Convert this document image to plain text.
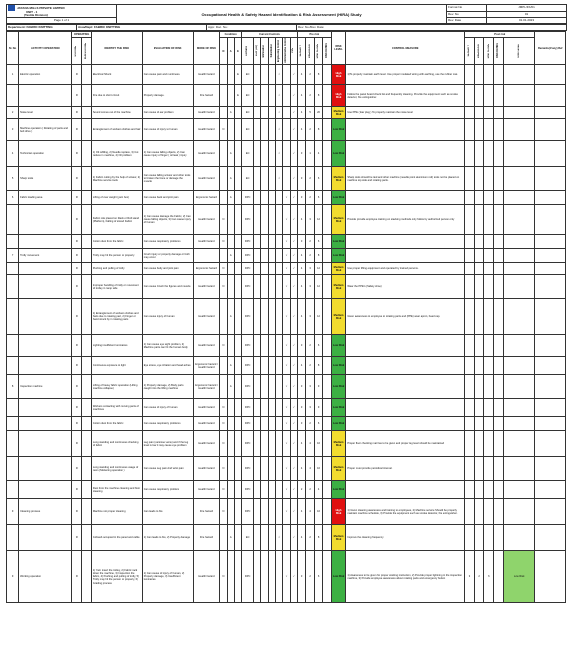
JAYANA MILLS PRIVATE LIMITED
UNIT - 1
(Textile Division)	Occupational Health & Safety Hazard Identification & Risk Assessment (HIRA) Study	Format No	JMPL/FK/01
		Rev. No	01
Page 1 of 1		Rev. Date	01.01.2023
Department: FABRIC KNITTING	Area/Dept: FABRIC KNITTING	Appr. Doc. No.:	Rev. No./Rev. Date:
Sl. No	ACTIVITY/ OPERATION	OPERATING		IDENTIFY THE RISK	EVALUATION OF RISK	MODE OF RISK	Condition			Current Controls							Pre risk				RISK LEVEL	CONTROL MEASURE	Post risk					Remarks(if any) Ref
		ROUTINE	NON ROUTINE				N	A	E	Remarks	LGW (ZIP)	Elimination	Substitution	Engineering Control	Administrative Control	PPE	SEVERITY	LIKELIHOOD	RISK SCORE	RISK RATING			SEVERITY	LIKELIHOOD	RISK SCORE	RISK RATING	RISK LEVEL	
1	Electric operation	R		Electrical Shock	Can cause pain and numbness.	Health hazard			E	EC				√		√	4	2	8		High Risk	1)To properly maintain earth level. Use proper insulated wiring with earthing, use the rubber mat.						
		R		Fire due to short circuit	Property damage.	Fire hazard			E	EC				√		√	4	2	8		High Risk	Follow the panel board check list and frequently cleaning. Provide the equipment such as smoke detector, fire extinguisher.						
2	Noise level	R		Sound comes out of the machine	Can cause of ear problem	Health hazard		A		EC				√		√	4	5	20		Medium Risk	Use PPE ( Ear plug ) To properly maintain the noise level						
3	Machine operation ( Rotating of parts and belt drive )	R		Entanglement of workers clothes and hair	Can cause of injury to human	Health hazard	N			EC				√		√	4	2	8		Low Risk							
4	Technician operation	R		1) Oil refilling, 2) Needle replace, 3) Cut reduce in machine, 4) Oil problem	1) Can cause falling objects, 2) Can cause injury of finger ( oil leak ) injury	Health hazard		A		EC				√		√	3	1	4		Low Risk							
5	Sharp tools	R		1) Fabric cutting by the help of scissor, 2) Machine service tools	Can cause falling scissor and other tools to broken the bone or damage the muscle	Health hazard		A		EC				√		√	3	2	6		Medium Risk	Sharp tools should be tied and other machine (needle point aluminium rod) tools not be placed on machine top side and rotating parts.						
6	Fabric loading area	R		Lifting of over weight (yarn box)	Can cause back and joint pain	Ergonomic hazard		A		DPC					√	√	3	2	6		Low Risk							
		R		Fabric role placed on Rack or Roll stand (Platform), Falling of stored Fabric	1) Can cause damage the Fabric, 2) Can cause falling objects, 3) Can cause injury of human	Health hazard	N			DPC					√	√	4	3	12		Medium Risk	Provide provide employee training on stacking methods only follow by authorized person only						
		R		Cotton dust from the fabric	Can cause respiratory problems	Health hazard	N			DPC					√	√	3	2	6		Low Risk							
7	Trolly movement	R		Trolly may hit the person or property	Crush injury or property damage or both may occur			A		DPC					√	√	4	2	8		Low Risk							
		R		Pushing and pulling of trolly	Can cause body and joint pain	Ergonomic hazard	N			DPC					√	√	4	3	12		Medium Risk	Use proper lifting equipment and operated by trained persons.						
		R		Improper handling of trolly or movement of trolley in ramp side	Can cause Crush the figures and muscle	Health hazard	N			DPC					√	√	4	3	12		Medium Risk	Wear the PPE's (Safety shoe)						
		R		1) Entanglement of workers clothes and hairs due to rotating part, 2) Finger or hand struck by in rotating parts	Can cause injury of human	Health hazard		A		DPC					√	√	4	3	12		Medium Risk	Given awareness to employee to rotating parts and (PPE) wear apron, head cap.						
		R		Lighting insufficient luminaires	1) Can cause eye sight problem, 2) Machine parts can hit the human body	Health hazard	N			DPC					√	√	3	2	6		Low Risk							
		R		Continuous exposure to light	Eye stress, eye irritation and head aches	Ergonomic hazard / Health hazard		A		DPC					√	√	4	2	8		Low Risk							
8	Inspection machine	R		Lifting of heavy fabric operation (Lifting machine collapse)	1) Property damage, 2) Body parts caught into the lifting machine	Ergonomic hazard / Health hazard		A		DPC					√	√	3	3	9		Low Risk							
		R		Workers contacting with moving parts of machines	Can cause of injury of human	Health hazard	N			DPC					√	√	3	3	9		Low Risk							
		R		Cotton dust from the fabric	Can cause respiratory problems	Health hazard	N			DPC					√	√	3	2	6		Low Risk							
		R		Long standing and continuous checking of fabric	Leg pain (varicose veins) and if the leg level is low it may cause eye problem	Health hazard	N			DPC					√	√	4	4	16		Medium Risk	Proper floor checking mat has to be given and proper leg level should be maintained						
		R		Long standing and continuous usage of resin (Stickering operation )	Can cause Leg pain And wrist pain	Health hazard	N			DPC					√	√	4	4	16		Medium Risk	Proper must provide periodical interval.						
		R		Dust from the machine cleaning and floor cleaning	Can cause respiratory problem	Health hazard	N			DPC					√	√	2	2	4		Low Risk							
9	Cleaning process	R		Machine not proper cleaning	Can leads to fire	Fire hazard	N			DPC					√	√	4	4	16		High Risk	1) Given cleaning awareness and training to employees, 2) Machine service Should be properly maintain machine schedule, 3) Provide the equipment such as smoke detector, fire extinguisher.						
		R		Cobweb occupied in the panel and cable	1) Can leads to fire, 2) Property damage	Fire hazard		A		EC				√		√	4	2	8		Medium Risk	Improve the cleaning frequency						
9	Working operation	R		1) Yarn insert the trolley, 2) Fabric rack down the machine, 3) Inspection the fabric, 4) Pushing and pulling of trolly, 5) Trolly may hit the person or property, 6) Grading process	1) Can cause of injury of human, 2) Property damage, 3) Insufficient luminaires	Health hazard	N			DPC					√	√	3	2	6		Low Risk	1) Awareness to be given for proper working instruction, 2) Provide proper lightning in the inspection machine, 3) Provide employee awareness about rotating parts and emergency button	3	2	6		Low Risk	
